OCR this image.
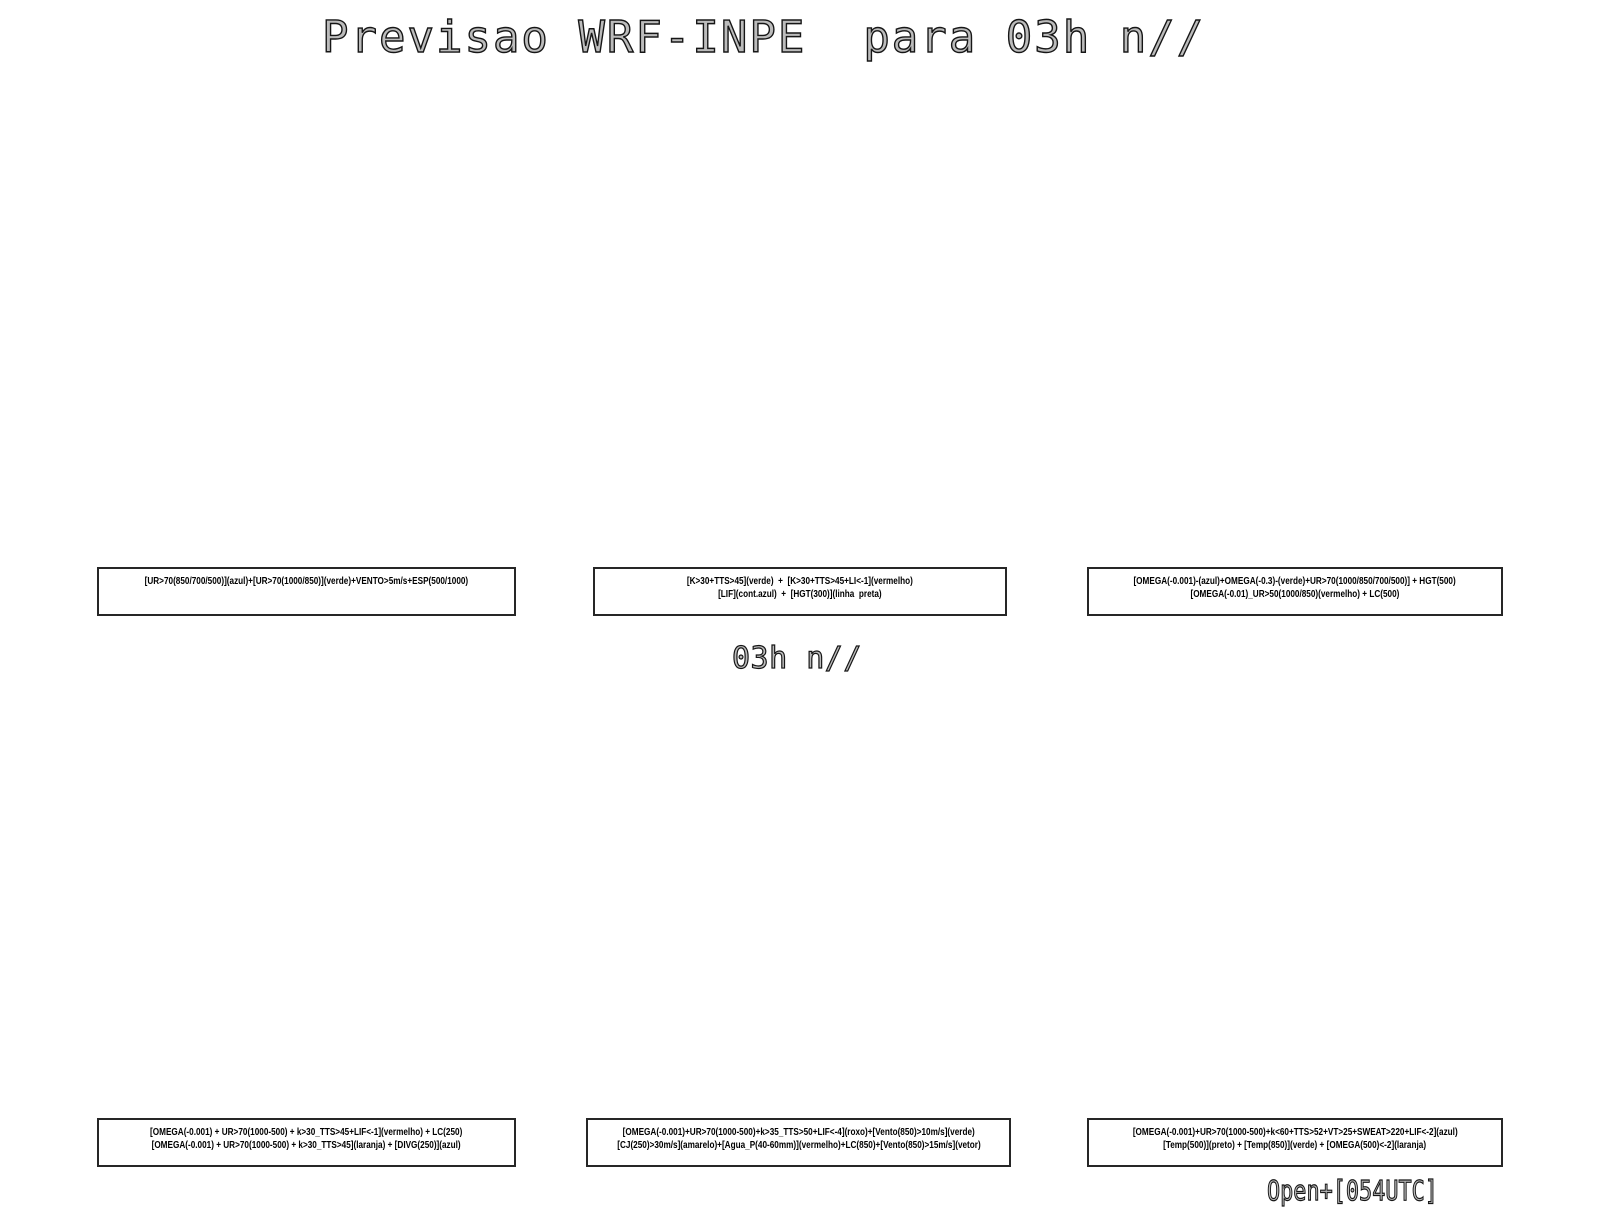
Previsao WRF-INPE  para 03h n//
[UR>70(850/700/500)](azul)+[UR>70(1000/850)](verde)+VENTO>5m/s+ESP(500/1000)	[K>30+TTS>45](verde)  +  [K>30+TTS>45+LI<-1](vermelho)
[LIF](cont.azul)  +  [HGT(300)](linha  preta)
[OMEGA(-0.001)-(azul)+OMEGA(-0.3)-(verde)+UR>70(1000/850/700/500)] + HGT(500)
[OMEGA(-0.01)_UR>50(1000/850)(vermelho) + LC(500)
03h n//
[OMEGA(-0.001) + UR>70(1000-500) + k>30_TTS>45+LIF<-1](vermelho) + LC(250)
[OMEGA(-0.001) + UR>70(1000-500) + k>30_TTS>45](laranja) + [DIVG(250)](azul)
[OMEGA(-0.001)+UR>70(1000-500)+k>35_TTS>50+LIF<-4](roxo)+[Vento(850)>10m/s](verde)
[CJ(250)>30m/s](amarelo)+[Agua_P(40-60mm)](vermelho)+LC(850)+[Vento(850)>15m/s](vetor)
[OMEGA(-0.001)+UR>70(1000-500)+k<60+TTS>52+VT>25+SWEAT>220+LIF<-2](azul)
[Temp(500)](preto) + [Temp(850)](verde) + [OMEGA(500)<-2](laranja)
Open+[054UTC]
